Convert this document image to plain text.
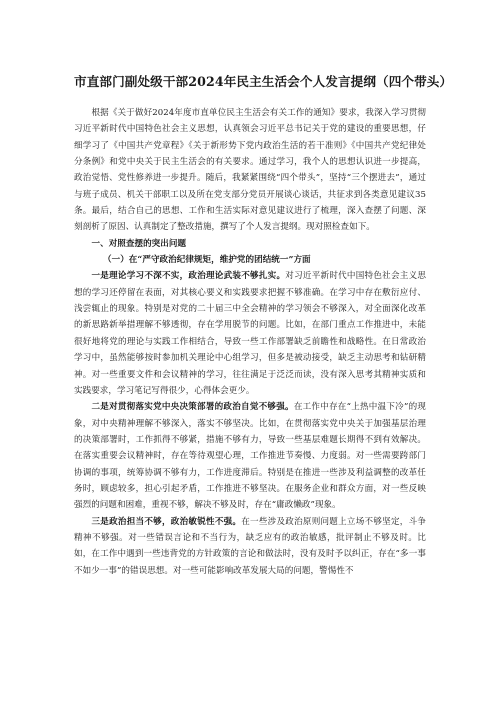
市直部门副处级干部2024年民主生活会个人发言提纲（四个带头）

根据《关于做好2024年度市直单位民主生活会有关工作的通知》要求，我深入学习贯彻习近平新时代中国特色社会主义思想，认真领会习近平总书记关于党的建设的重要思想，仔细学习了《中国共产党章程》《关于新形势下党内政治生活的若干准则》《中国共产党纪律处分条例》和党中央关于民主生活会的有关要求。通过学习，我个人的思想认识进一步提高，政治觉悟、党性修养进一步提升。随后，我紧紧围绕“四个带头”，坚持“三个摆进去”，通过与班子成员、机关干部职工以及所在党支部分党员开展谈心谈话，共征求到各类意见建议35条。最后，结合自己的思想、工作和生活实际对意见建议进行了梳理，深入查摆了问题、深刻剖析了原因、认真制定了整改措施，撰写了个人发言提纲。现对照检查如下。

一、对照查摆的突出问题

（一）在“严守政治纪律规矩，维护党的团结统一”方面

一是理论学习不深不实，政治理论武装不够扎实。对习近平新时代中国特色社会主义思想的学习还停留在表面，对其核心要义和实践要求把握不够准确。在学习中存在敷衍应付、浅尝辄止的现象。特别是对党的二十届三中全会精神的学习领会不够深入，对全面深化改革的新思路新举措理解不够透彻，存在学用脱节的问题。比如，在部门重点工作推进中，未能很好地将党的理论与实践工作相结合，导致一些工作部署缺乏前瞻性和战略性。在日常政治学习中，虽然能够按时参加机关理论中心组学习，但多是被动接受，缺乏主动思考和钻研精神。对一些重要文件和会议精神的学习，往往满足于泛泛而读，没有深入思考其精神实质和实践要求，学习笔记写得很少，心得体会更少。

二是对贯彻落实党中央决策部署的政治自觉不够强。在工作中存在“上热中温下冷”的现象，对中央精神理解不够深入，落实不够坚决。比如，在贯彻落实党中央关于加强基层治理的决策部署时，工作抓得不够紧，措施不够有力，导致一些基层难题长期得不到有效解决。在落实重要会议精神时，存在等待观望心理，工作推进节奏慢、力度弱。对一些需要跨部门协调的事项，统筹协调不够有力，工作进度滞后。特别是在推进一些涉及利益调整的改革任务时，顾虑较多，担心引起矛盾，工作推进不够坚决。在服务企业和群众方面，对一些反映强烈的问题和困难，重视不够，解决不够及时，存在“庸政懒政”现象。

三是政治担当不够，政治敏锐性不强。在一些涉及政治原则问题上立场不够坚定，斗争精神不够强。对一些错误言论和不当行为，缺乏应有的政治敏感，批评制止不够及时。比如，在工作中遇到一些违背党的方针政策的言论和做法时，没有及时予以纠正，存在“多一事不如少一事”的错误思想。对一些可能影响改革发展大局的问题，警惕性不
